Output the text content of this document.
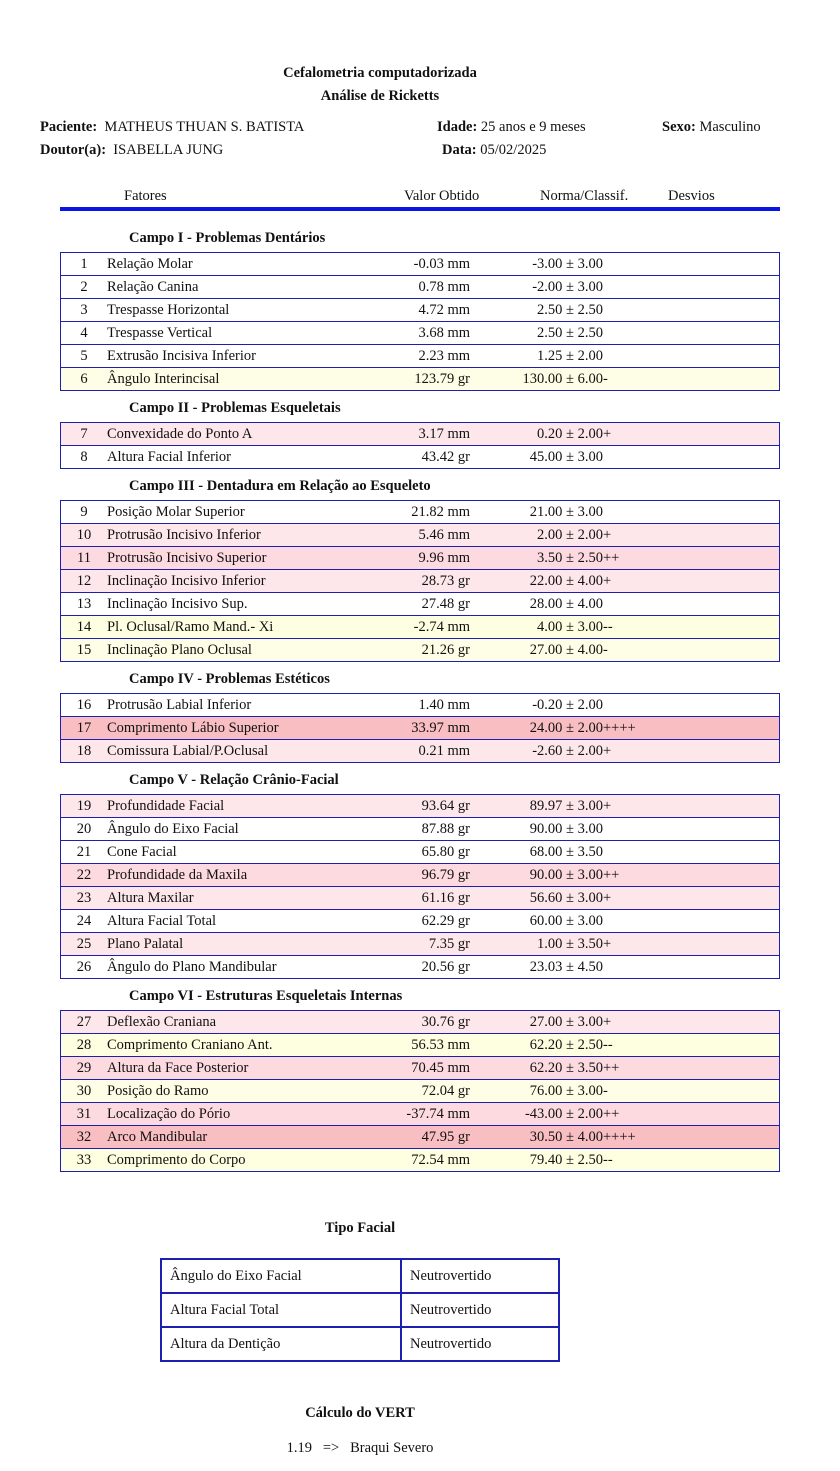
Cefalometria computadorizada
Análise de Ricketts
Paciente: MATHEUS THUAN S. BATISTA	Idade: 25 anos e 9 meses	Sexo: Masculino
Doutor(a): ISABELLA JUNG	Data: 05/02/2025
Fatores	Valor Obtido	Norma/Classif.	Desvios
Campo I - Problemas Dentários
1	Relação Molar	-0.03 mm	-3.00 ± 3.00	
2	Relação Canina	0.78 mm	-2.00 ± 3.00	
3	Trespasse Horizontal	4.72 mm	2.50 ± 2.50	
4	Trespasse Vertical	3.68 mm	2.50 ± 2.50	
5	Extrusão Incisiva Inferior	2.23 mm	1.25 ± 2.00	
6	Ângulo Interincisal	123.79 gr	130.00 ± 6.00	-
Campo II - Problemas Esqueletais
7	Convexidade do Ponto A	3.17 mm	0.20 ± 2.00	+
8	Altura Facial Inferior	43.42 gr	45.00 ± 3.00	
Campo III - Dentadura em Relação ao Esqueleto
9	Posição Molar Superior	21.82 mm	21.00 ± 3.00	
10	Protrusão Incisivo Inferior	5.46 mm	2.00 ± 2.00	+
11	Protrusão Incisivo Superior	9.96 mm	3.50 ± 2.50	++
12	Inclinação Incisivo Inferior	28.73 gr	22.00 ± 4.00	+
13	Inclinação Incisivo Sup.	27.48 gr	28.00 ± 4.00	
14	Pl. Oclusal/Ramo Mand.- Xi	-2.74 mm	4.00 ± 3.00	--
15	Inclinação Plano Oclusal	21.26 gr	27.00 ± 4.00	-
Campo IV - Problemas Estéticos
16	Protrusão Labial Inferior	1.40 mm	-0.20 ± 2.00	
17	Comprimento Lábio Superior	33.97 mm	24.00 ± 2.00	++++
18	Comissura Labial/P.Oclusal	0.21 mm	-2.60 ± 2.00	+
Campo V - Relação Crânio-Facial
19	Profundidade Facial	93.64 gr	89.97 ± 3.00	+
20	Ângulo do Eixo Facial	87.88 gr	90.00 ± 3.00	
21	Cone Facial	65.80 gr	68.00 ± 3.50	
22	Profundidade da Maxila	96.79 gr	90.00 ± 3.00	++
23	Altura Maxilar	61.16 gr	56.60 ± 3.00	+
24	Altura Facial Total	62.29 gr	60.00 ± 3.00	
25	Plano Palatal	7.35 gr	1.00 ± 3.50	+
26	Ângulo do Plano Mandibular	20.56 gr	23.03 ± 4.50	
Campo VI - Estruturas Esqueletais Internas
27	Deflexão Craniana	30.76 gr	27.00 ± 3.00	+
28	Comprimento Craniano Ant.	56.53 mm	62.20 ± 2.50	--
29	Altura da Face Posterior	70.45 mm	62.20 ± 3.50	++
30	Posição do Ramo	72.04 gr	76.00 ± 3.00	-
31	Localização do Pório	-37.74 mm	-43.00 ± 2.00	++
32	Arco Mandibular	47.95 gr	30.50 ± 4.00	++++
33	Comprimento do Corpo	72.54 mm	79.40 ± 2.50	--
Tipo Facial
Ângulo do Eixo Facial	Neutrovertido
Altura Facial Total	Neutrovertido
Altura da Dentição	Neutrovertido
Cálculo do VERT
1.19 => Braqui Severo
